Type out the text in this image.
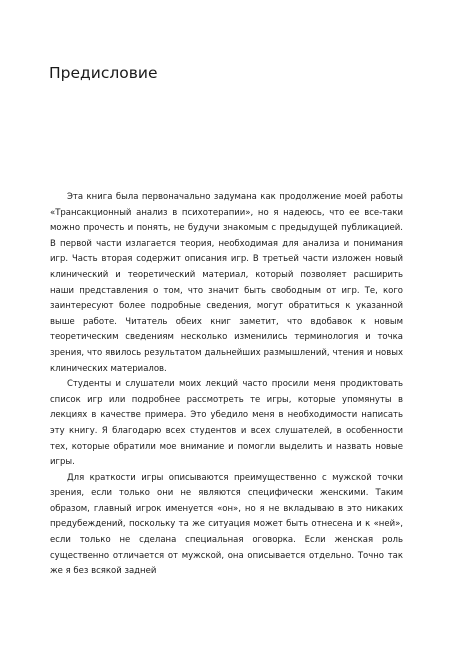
Предисловие

Эта книга была первоначально задумана как продолжение моей работы «Трансакционный анализ в психотерапии», но я надеюсь, что ее все-таки можно прочесть и понять, не будучи знакомым с предыдущей публикацией. В первой части излагается теория, необходимая для анализа и понимания игр. Часть вторая содержит описания игр. В третьей части изложен новый клинический и теоретический материал, который позволяет расширить наши представления о том, что значит быть свободным от игр. Те, кого заинтересуют более подробные сведения, могут обратиться к указанной выше работе. Читатель обеих книг заметит, что вдобавок к новым теоретическим сведениям несколько изменились терминология и точка зрения, что явилось результатом дальнейших размышлений, чтения и новых клинических материалов.

Студенты и слушатели моих лекций часто просили меня продиктовать список игр или подробнее рассмотреть те игры, которые упомянуты в лекциях в качестве примера. Это убедило меня в необходимости написать эту книгу. Я благодарю всех студентов и всех слушателей, в особенности тех, которые обратили мое внимание и помогли выделить и назвать новые игры.

Для краткости игры описываются преимущественно с мужской точки зрения, если только они не являются специфически женскими. Таким образом, главный игрок именуется «он», но я не вкладываю в это никаких предубеждений, поскольку та же ситуация может быть отнесена и к «ней», если только не сделана специальная оговорка. Если женская роль существенно отличается от мужской, она описывается отдельно. Точно так же я без всякой задней
